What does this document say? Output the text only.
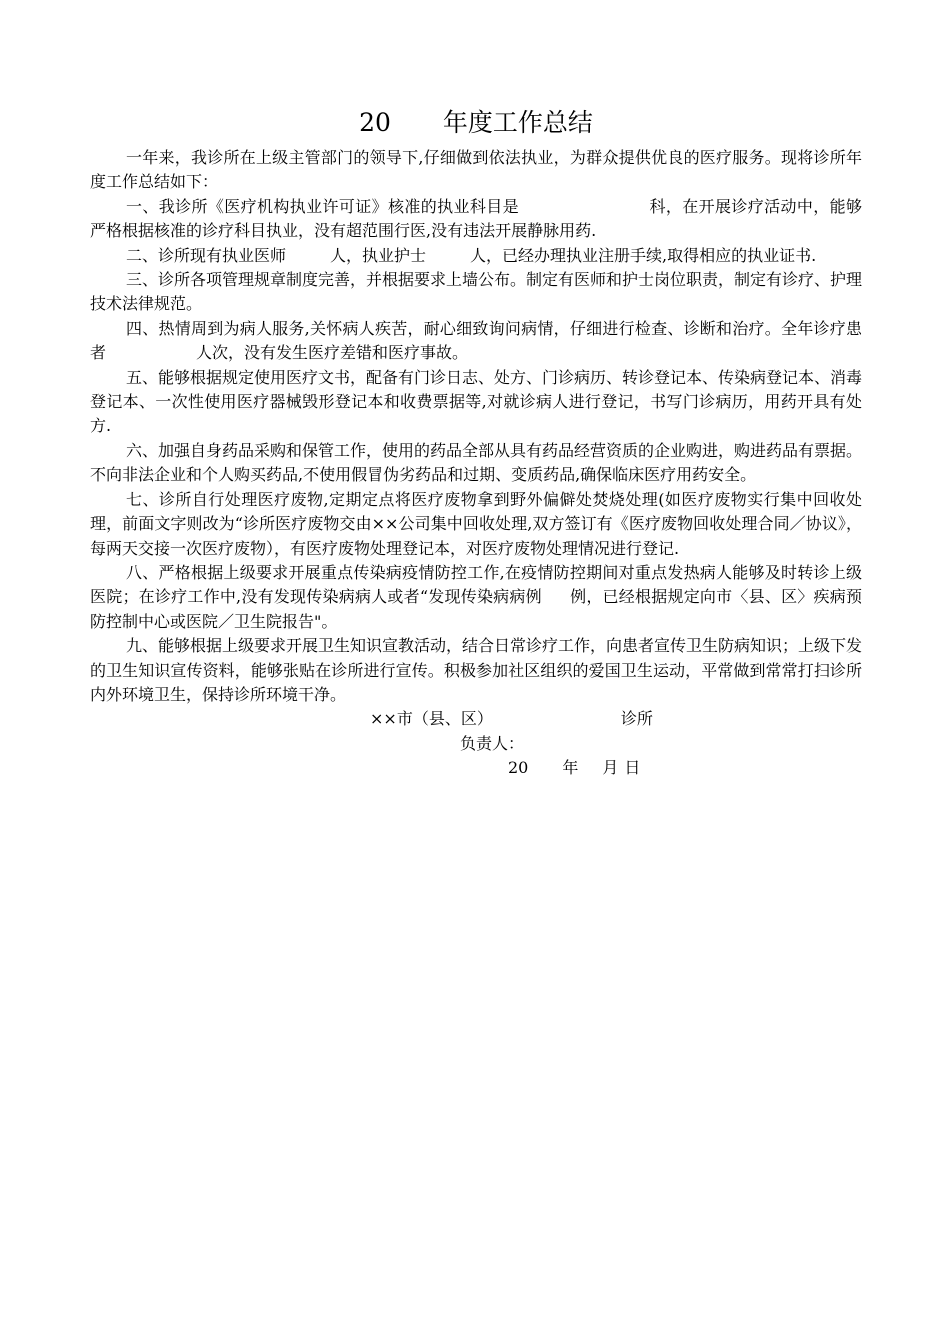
20 年度工作总结

一年来，我诊所在上级主管部门的领导下,仔细做到依法执业，为群众提供优良的医疗服务。现将诊所年度工作总结如下：

一、我诊所《医疗机构执业许可证》核准的执业科目是	科，在开展诊疗活动中，能够严格根据核准的诊疗科目执业，没有超范围行医,没有违法开展静脉用药.

二、诊所现有执业医师	人，执业护士	人，已经办理执业注册手续,取得相应的执业证书.

三、诊所各项管理规章制度完善，并根据要求上墙公布。制定有医师和护士岗位职责，制定有诊疗、护理技术法律规范。

四、热情周到为病人服务,关怀病人疾苦，耐心细致询问病情，仔细进行检查、诊断和治疗。全年诊疗患者	人次，没有发生医疗差错和医疗事故。

五、能够根据规定使用医疗文书，配备有门诊日志、处方、门诊病历、转诊登记本、传染病登记本、消毒登记本、一次性使用医疗器械毁形登记本和收费票据等,对就诊病人进行登记，书写门诊病历，用药开具有处方.

六、加强自身药品采购和保管工作，使用的药品全部从具有药品经营资质的企业购进，购进药品有票据。不向非法企业和个人购买药品,不使用假冒伪劣药品和过期、变质药品,确保临床医疗用药安全。

七、诊所自行处理医疗废物,定期定点将医疗废物拿到野外偏僻处焚烧处理(如医疗废物实行集中回收处理，前面文字则改为“诊所医疗废物交由××公司集中回收处理,双方签订有《医疗废物回收处理合同／协议》，每两天交接一次医疗废物），有医疗废物处理登记本，对医疗废物处理情况进行登记.

八、严格根据上级要求开展重点传染病疫情防控工作,在疫情防控期间对重点发热病人能够及时转诊上级医院；在诊疗工作中,没有发现传染病病人或者“发现传染病病例 例，已经根据规定向市〈县、区〉疾病预防控制中心或医院／卫生院报告"。

九、能够根据上级要求开展卫生知识宣教活动，结合日常诊疗工作，向患者宣传卫生防病知识；上级下发的卫生知识宣传资料，能够张贴在诊所进行宣传。积极参加社区组织的爱国卫生运动，平常做到常常打扫诊所内外环境卫生，保持诊所环境干净。

××市（县、区）	诊所
负责人：
20 年 月 日
